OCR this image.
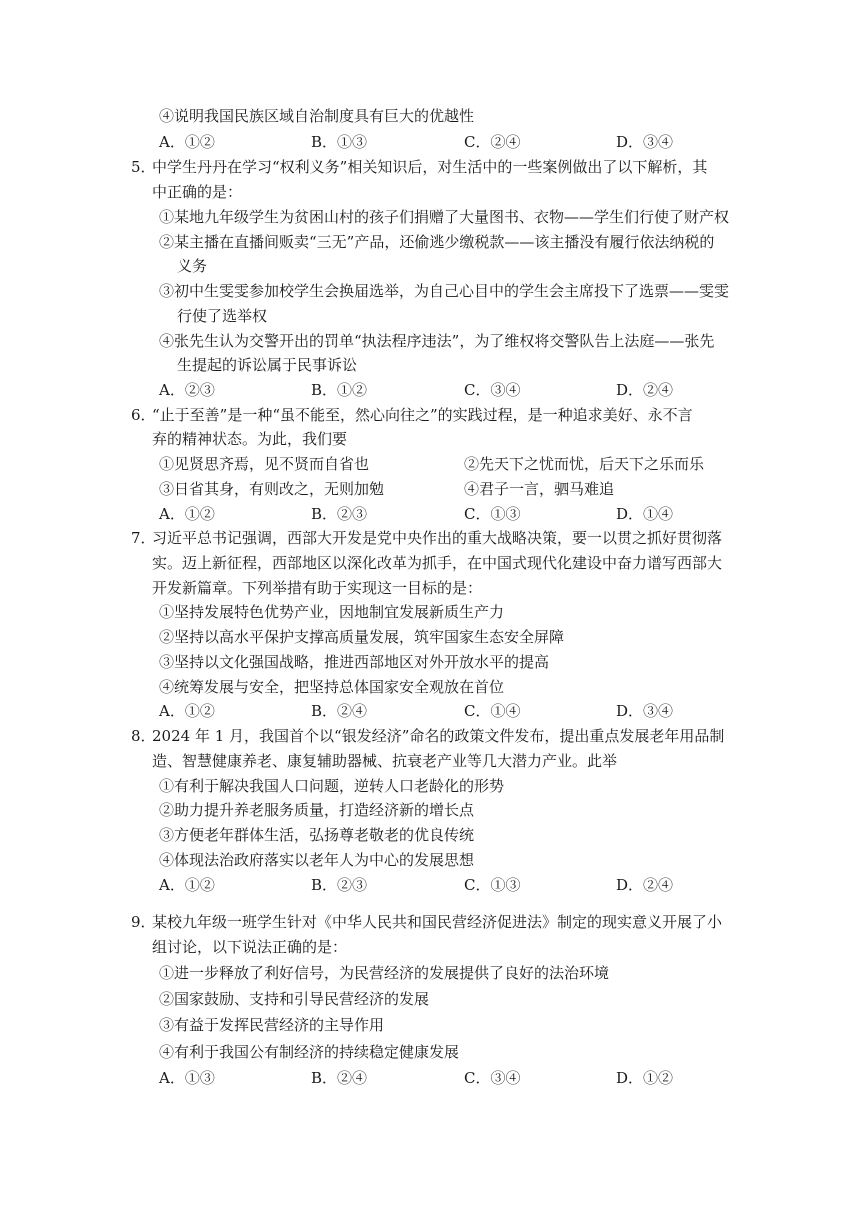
④说明我国民族区域自治制度具有巨大的优越性
A．①②	B．①③	C．②④	D．③④
5．
中学生丹丹在学习“权利义务”相关知识后，对生活中的一些案例做出了以下解析，其
中正确的是：
①某地九年级学生为贫困山村的孩子们捐赠了大量图书、衣物——学生们行使了财产权
②某主播在直播间贩卖“三无”产品，还偷逃少缴税款——该主播没有履行依法纳税的
义务
③初中生雯雯参加校学生会换届选举，为自己心目中的学生会主席投下了选票——雯雯
行使了选举权
④张先生认为交警开出的罚单“执法程序违法”，为了维权将交警队告上法庭——张先
生提起的诉讼属于民事诉讼
A．②③	B．①②	C．③④	D．②④
6．
“止于至善”是一种“虽不能至，然心向往之”的实践过程，是一种追求美好、永不言
弃的精神状态。为此，我们要
①见贤思齐焉，见不贤而自省也	②先天下之忧而忧，后天下之乐而乐
③日省其身，有则改之，无则加勉	④君子一言，驷马难追
A．①②	B．②③	C．①③	D．①④
7．
习近平总书记强调，西部大开发是党中央作出的重大战略决策，要一以贯之抓好贯彻落
实。迈上新征程，西部地区以深化改革为抓手，在中国式现代化建设中奋力谱写西部大
开发新篇章。下列举措有助于实现这一目标的是：
①坚持发展特色优势产业，因地制宜发展新质生产力
②坚持以高水平保护支撑高质量发展，筑牢国家生态安全屏障
③坚持以文化强国战略，推进西部地区对外开放水平的提高
④统筹发展与安全，把坚持总体国家安全观放在首位
A．①②	B．②④	C．①④	D．③④
8．
2024 年 1 月，我国首个以“银发经济”命名的政策文件发布，提出重点发展老年用品制
造、智慧健康养老、康复辅助器械、抗衰老产业等几大潜力产业。此举
①有利于解决我国人口问题，逆转人口老龄化的形势
②助力提升养老服务质量，打造经济新的增长点
③方便老年群体生活，弘扬尊老敬老的优良传统
④体现法治政府落实以老年人为中心的发展思想
A．①②	B．②③	C．①③	D．②④
9．
某校九年级一班学生针对《中华人民共和国民营经济促进法》制定的现实意义开展了小
组讨论，以下说法正确的是：
①进一步释放了利好信号，为民营经济的发展提供了良好的法治环境
②国家鼓励、支持和引导民营经济的发展
③有益于发挥民营经济的主导作用
④有利于我国公有制经济的持续稳定健康发展
A．①③	B．②④	C．③④	D．①②
